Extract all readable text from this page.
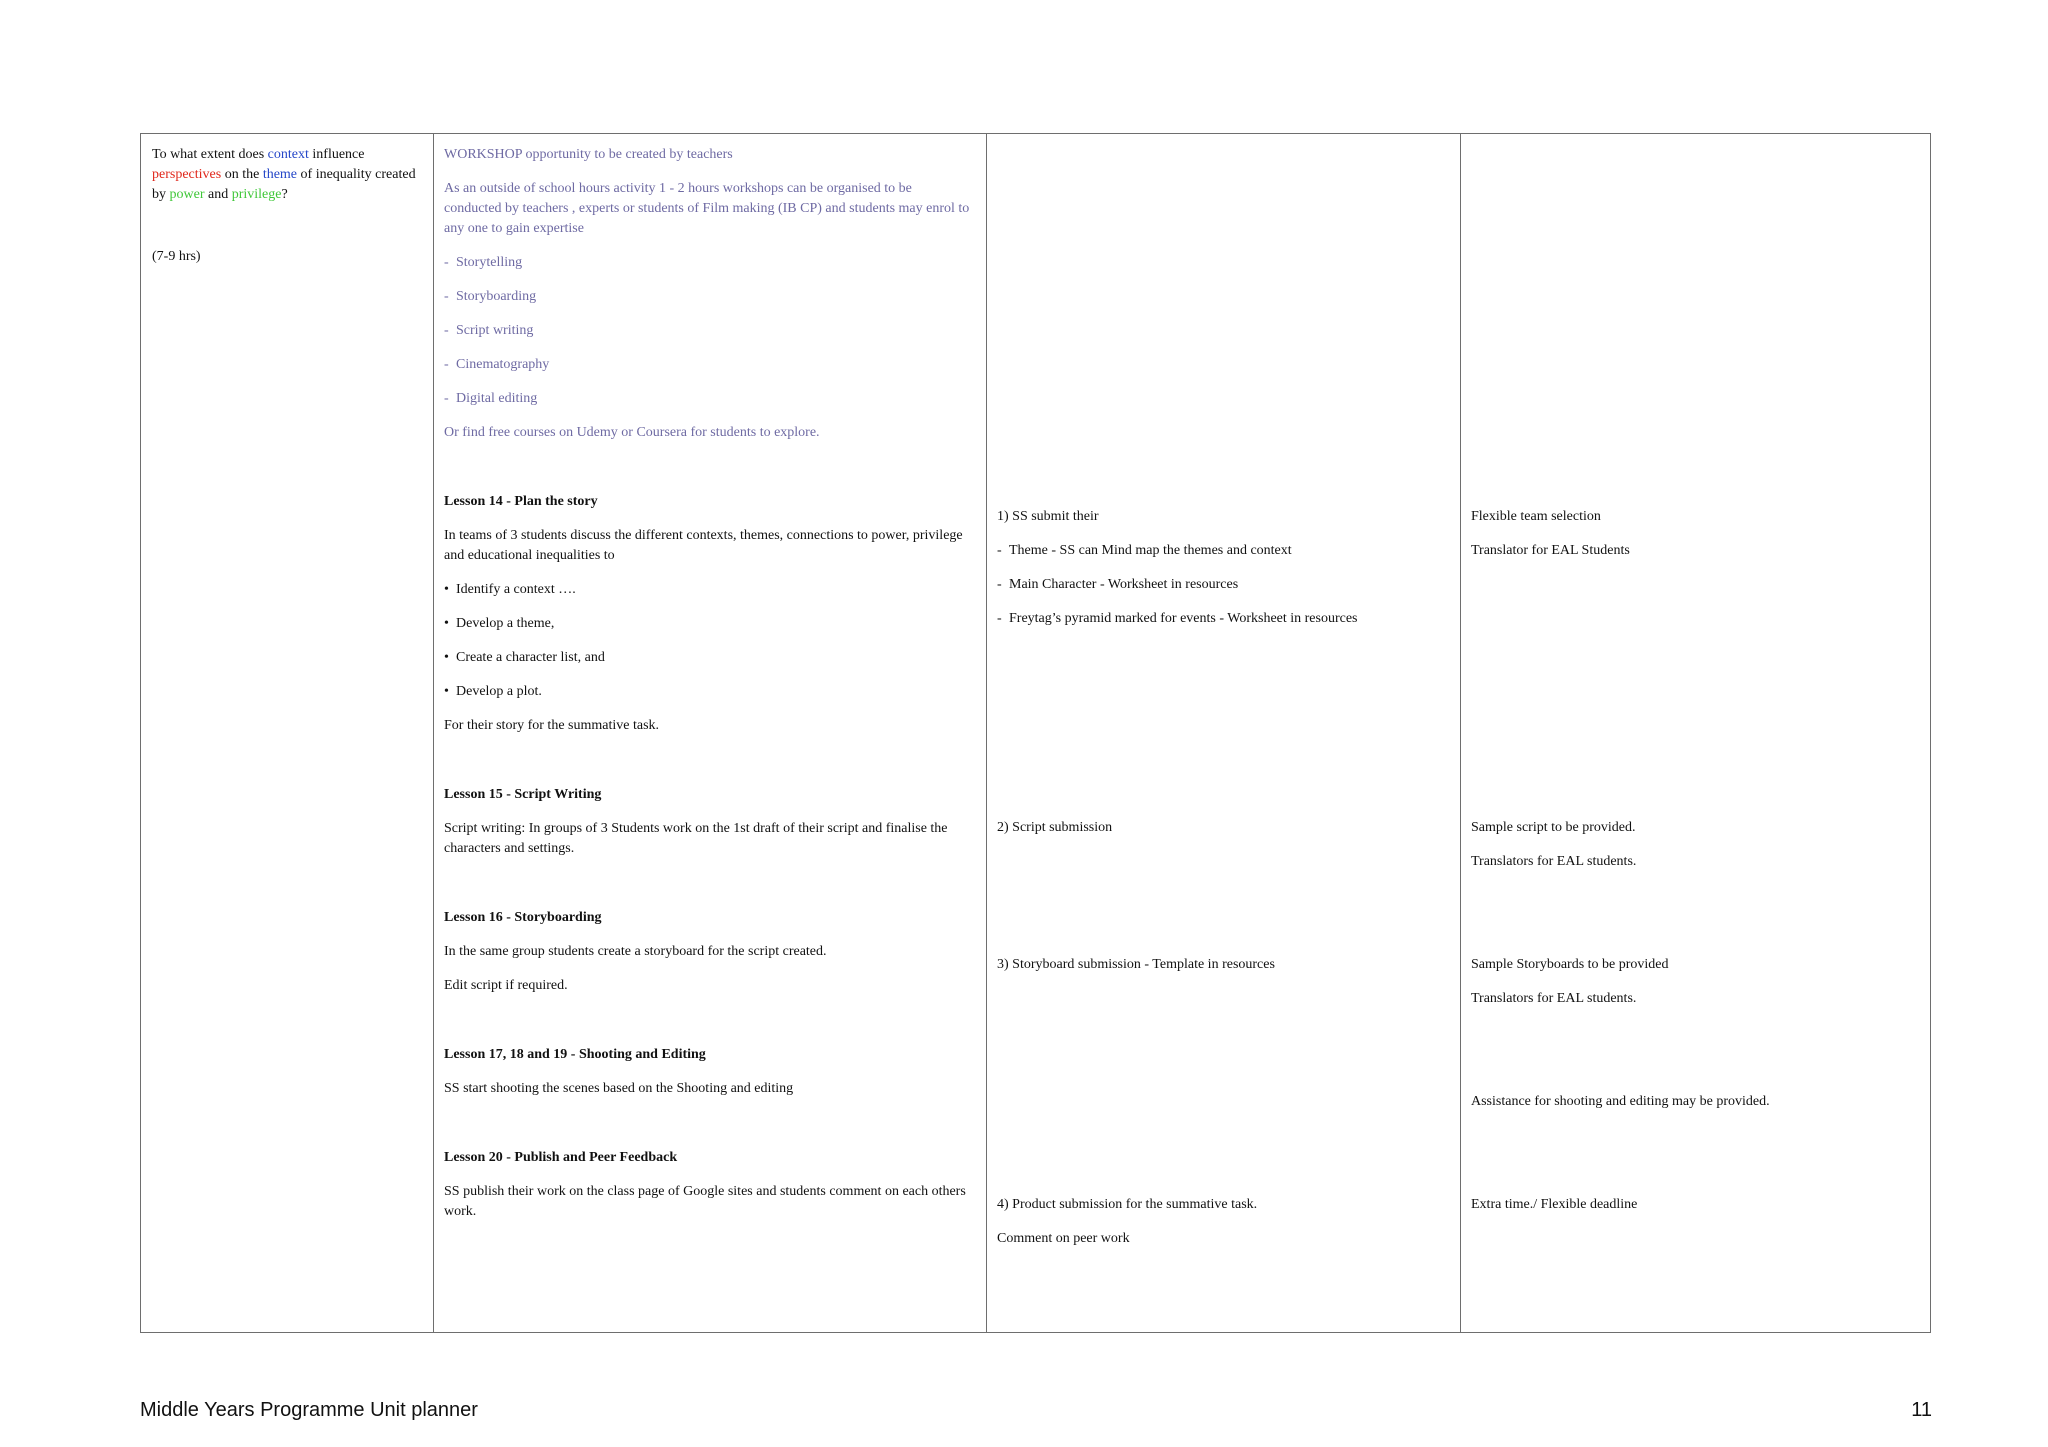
To what extent does context influence
perspectives on the theme of inequality created by power and privilege?
(7-9 hrs)
WORKSHOP opportunity to be created by teachers
As an outside of school hours activity 1 - 2 hours workshops can be organised to be conducted by teachers , experts or students of Film making (IB CP) and students may enrol to any one to gain expertise
- Storytelling
- Storyboarding
- Script writing
- Cinematography
- Digital editing
Or find free courses on Udemy or Coursera for students to explore.
Lesson 14 - Plan the story
In teams of 3 students discuss the different contexts, themes, connections to power, privilege and educational inequalities to
• Identify a context ….
• Develop a theme,
• Create a character list, and
• Develop a plot.
For their story for the summative task.
Lesson 15 - Script Writing
Script writing: In groups of 3 Students work on the 1st draft of their script and finalise the characters and settings.
Lesson 16 - Storyboarding
In the same group students create a storyboard for the script created.
Edit script if required.
Lesson 17, 18 and 19 - Shooting and Editing
SS start shooting the scenes based on the Shooting and editing
Lesson 20 - Publish and Peer Feedback
SS publish their work on the class page of Google sites and students comment on each others work.
1) SS submit their
- Theme - SS can Mind map the themes and context
- Main Character - Worksheet in resources
- Freytag’s pyramid marked for events - Worksheet in resources
2) Script submission
3) Storyboard submission - Template in resources
4) Product submission for the summative task.
Comment on peer work
Flexible team selection
Translator for EAL Students
Sample script to be provided.
Translators for EAL students.
Sample Storyboards to be provided
Translators for EAL students.
Assistance for shooting and editing may be provided.
Extra time./ Flexible deadline
Middle Years Programme Unit planner	11
